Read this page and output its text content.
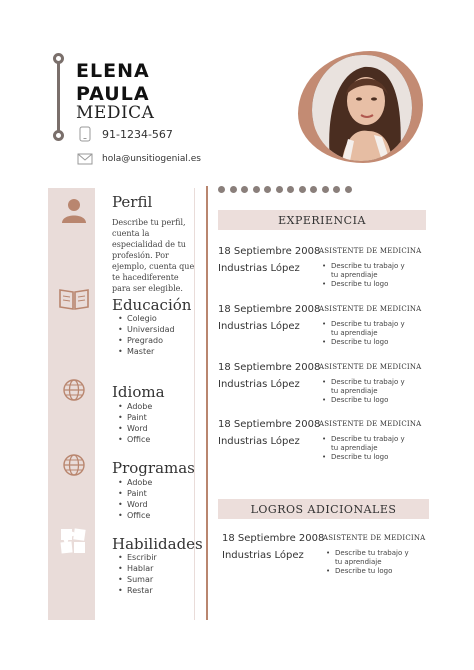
ELENA
PAULA
MEDICA
91-1234-567
hola@unsitiogenial.es
Perfil
Describe tu perfil, cuenta la especialidad de tu profesión. Por ejemplo, cuenta que te hacediferente para ser elegible.
Educación
• Colegio
• Universidad
• Pregrado
• Master
Idioma
• Adobe
• Paint
• Word
• Office
Programas
• Adobe
• Paint
• Word
• Office
Habilidades
• Escribir
• Hablar
• Sumar
• Restar
EXPERIENCIA
18 Septiembre 2008
Industrias López
ASISTENTE DE MEDICINA
• Describe tu trabajo y tu aprendiaje
• Describe tu logo
18 Septiembre 2008
Industrias López
ASISTENTE DE MEDICINA
• Describe tu trabajo y tu aprendiaje
• Describe tu logo
18 Septiembre 2008
Industrias López
ASISTENTE DE MEDICINA
• Describe tu trabajo y tu aprendiaje
• Describe tu logo
18 Septiembre 2008
Industrias López
ASISTENTE DE MEDICINA
• Describe tu trabajo y tu aprendiaje
• Describe tu logo
LOGROS ADICIONALES
18 Septiembre 2008
Industrias López
ASISTENTE DE MEDICINA
• Describe tu trabajo y tu aprendiaje
• Describe tu logo
